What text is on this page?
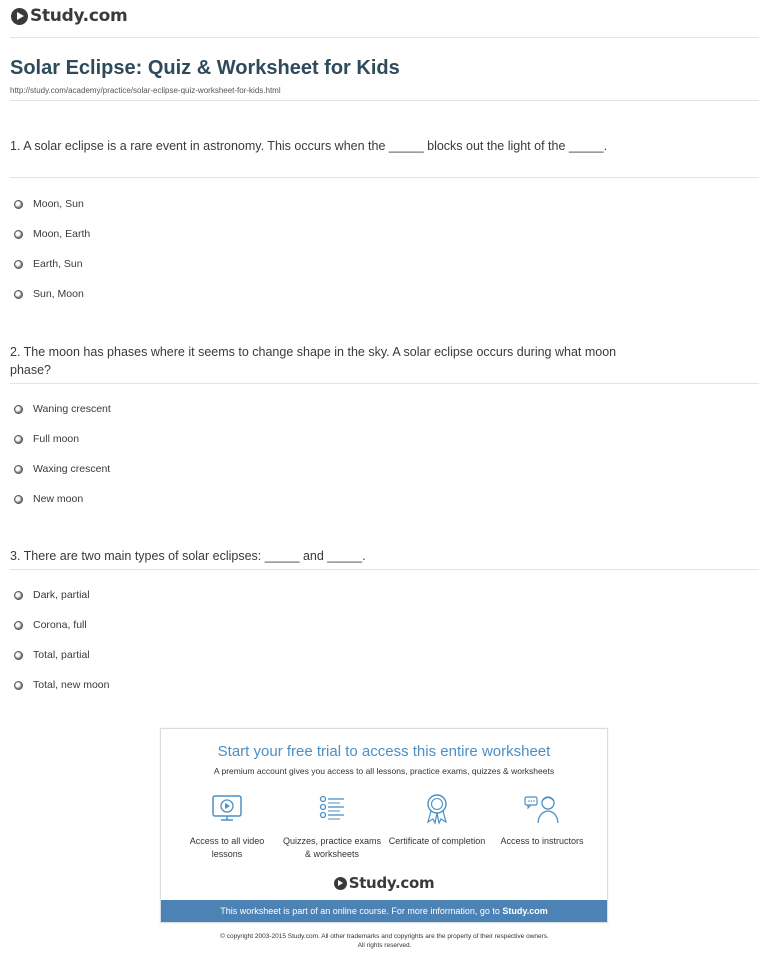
Study.com
Solar Eclipse: Quiz & Worksheet for Kids
http://study.com/academy/practice/solar-eclipse-quiz-worksheet-for-kids.html
1. A solar eclipse is a rare event in astronomy. This occurs when the _____ blocks out the light of the _____.
Moon, Sun
Moon, Earth
Earth, Sun
Sun, Moon
2. The moon has phases where it seems to change shape in the sky. A solar eclipse occurs during what moon phase?
Waning crescent
Full moon
Waxing crescent
New moon
3. There are two main types of solar eclipses: _____ and _____.
Dark, partial
Corona, full
Total, partial
Total, new moon
Start your free trial to access this entire worksheet
A premium account gives you access to all lessons, practice exams, quizzes & worksheets
Access to all video lessons
Quizzes, practice exams & worksheets
Certificate of completion	Access to instructors
Study.com
This worksheet is part of an online course. For more information, go to Study.com
© copyright 2003-2015 Study.com. All other trademarks and copyrights are the property of their respective owners.
All rights reserved.
